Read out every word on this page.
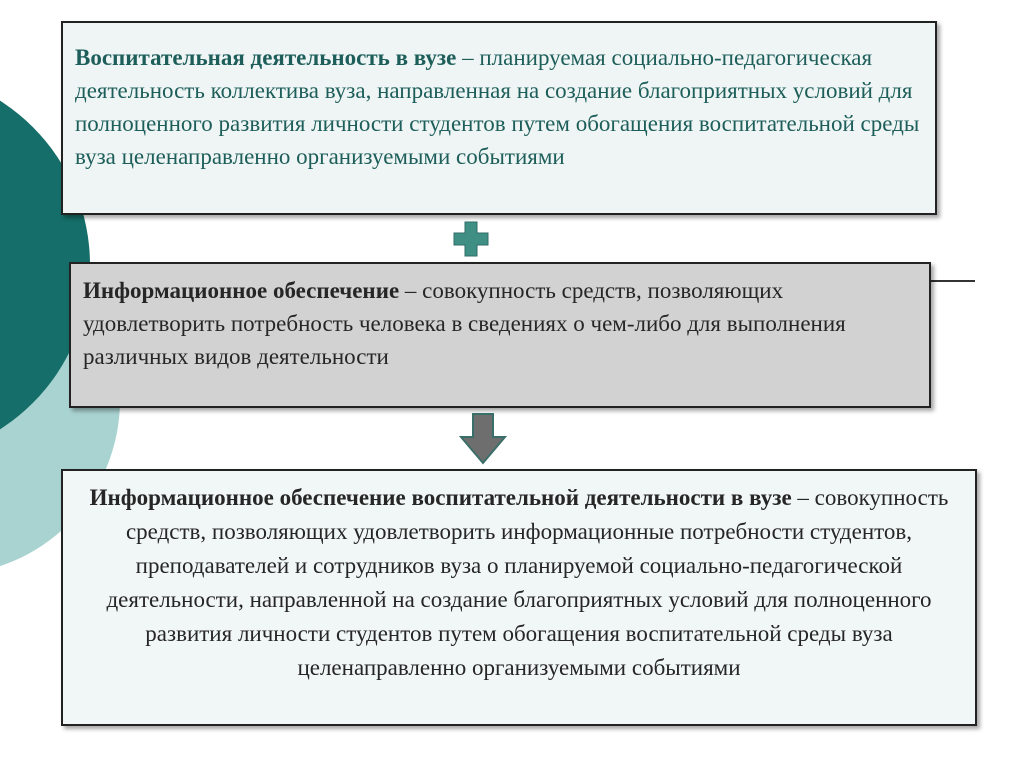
Воспитательная деятельность в вузе – планируемая социально-педагогическая деятельность коллектива вуза, направленная на создание благоприятных условий для полноценного развития личности студентов путем обогащения воспитательной среды вуза целенаправленно организуемыми событиями
Информационное обеспечение – совокупность средств, позволяющих удовлетворить потребность человека в сведениях о чем-либо для выполнения различных видов деятельности
Информационное обеспечение воспитательной деятельности в вузе – совокупность средств, позволяющих удовлетворить информационные потребности студентов, преподавателей и сотрудников вуза о планируемой социально-педагогической деятельности, направленной на создание благоприятных условий для полноценного развития личности студентов путем обогащения воспитательной среды вуза целенаправленно организуемыми событиями
